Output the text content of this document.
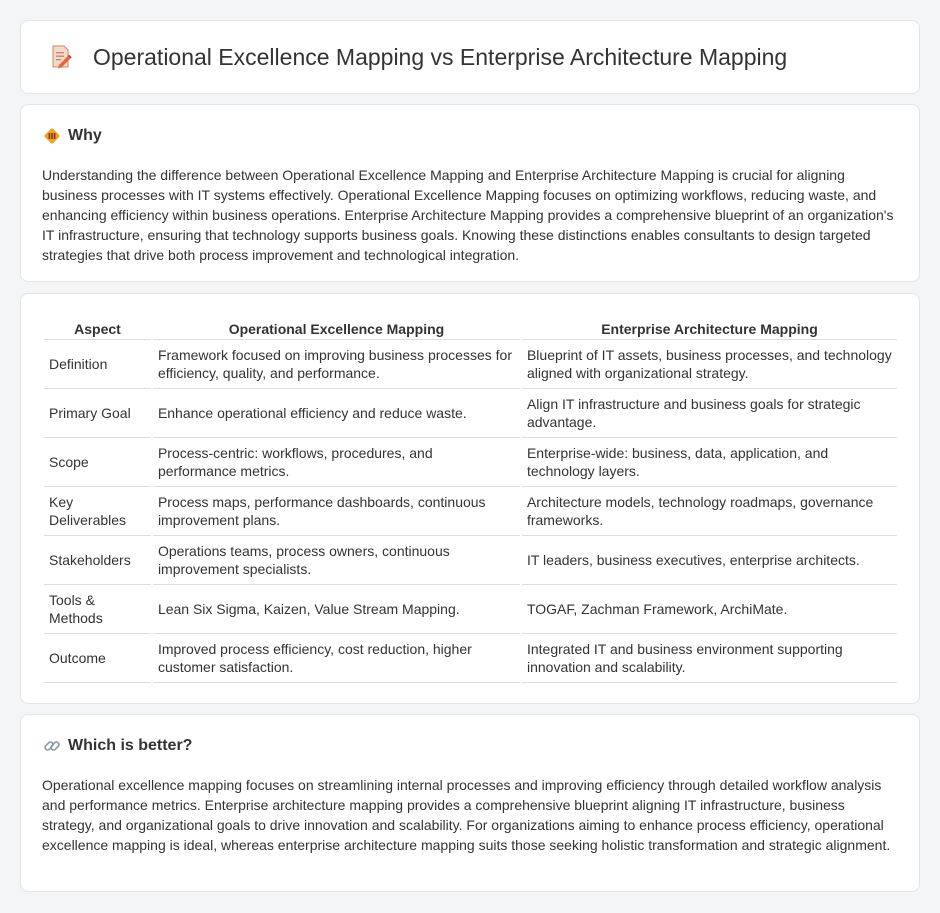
Operational Excellence Mapping vs Enterprise Architecture Mapping
Why

Understanding the difference between Operational Excellence Mapping and Enterprise Architecture Mapping is crucial for aligning business processes with IT systems effectively. Operational Excellence Mapping focuses on optimizing workflows, reducing waste, and enhancing efficiency within business operations. Enterprise Architecture Mapping provides a comprehensive blueprint of an organization's IT infrastructure, ensuring that technology supports business goals. Knowing these distinctions enables consultants to design targeted strategies that drive both process improvement and technological integration.

Aspect	Operational Excellence Mapping	Enterprise Architecture Mapping
Definition	Framework focused on improving business processes for efficiency, quality, and performance.	Blueprint of IT assets, business processes, and technology aligned with organizational strategy.
Primary Goal	Enhance operational efficiency and reduce waste.	Align IT infrastructure and business goals for strategic advantage.
Scope	Process-centric: workflows, procedures, and performance metrics.	Enterprise-wide: business, data, application, and technology layers.
Key Deliverables	Process maps, performance dashboards, continuous improvement plans.	Architecture models, technology roadmaps, governance frameworks.
Stakeholders	Operations teams, process owners, continuous improvement specialists.	IT leaders, business executives, enterprise architects.
Tools & Methods	Lean Six Sigma, Kaizen, Value Stream Mapping.	TOGAF, Zachman Framework, ArchiMate.
Outcome	Improved process efficiency, cost reduction, higher customer satisfaction.	Integrated IT and business environment supporting innovation and scalability.
Which is better?

Operational excellence mapping focuses on streamlining internal processes and improving efficiency through detailed workflow analysis and performance metrics. Enterprise architecture mapping provides a comprehensive blueprint aligning IT infrastructure, business strategy, and organizational goals to drive innovation and scalability. For organizations aiming to enhance process efficiency, operational excellence mapping is ideal, whereas enterprise architecture mapping suits those seeking holistic transformation and strategic alignment.
